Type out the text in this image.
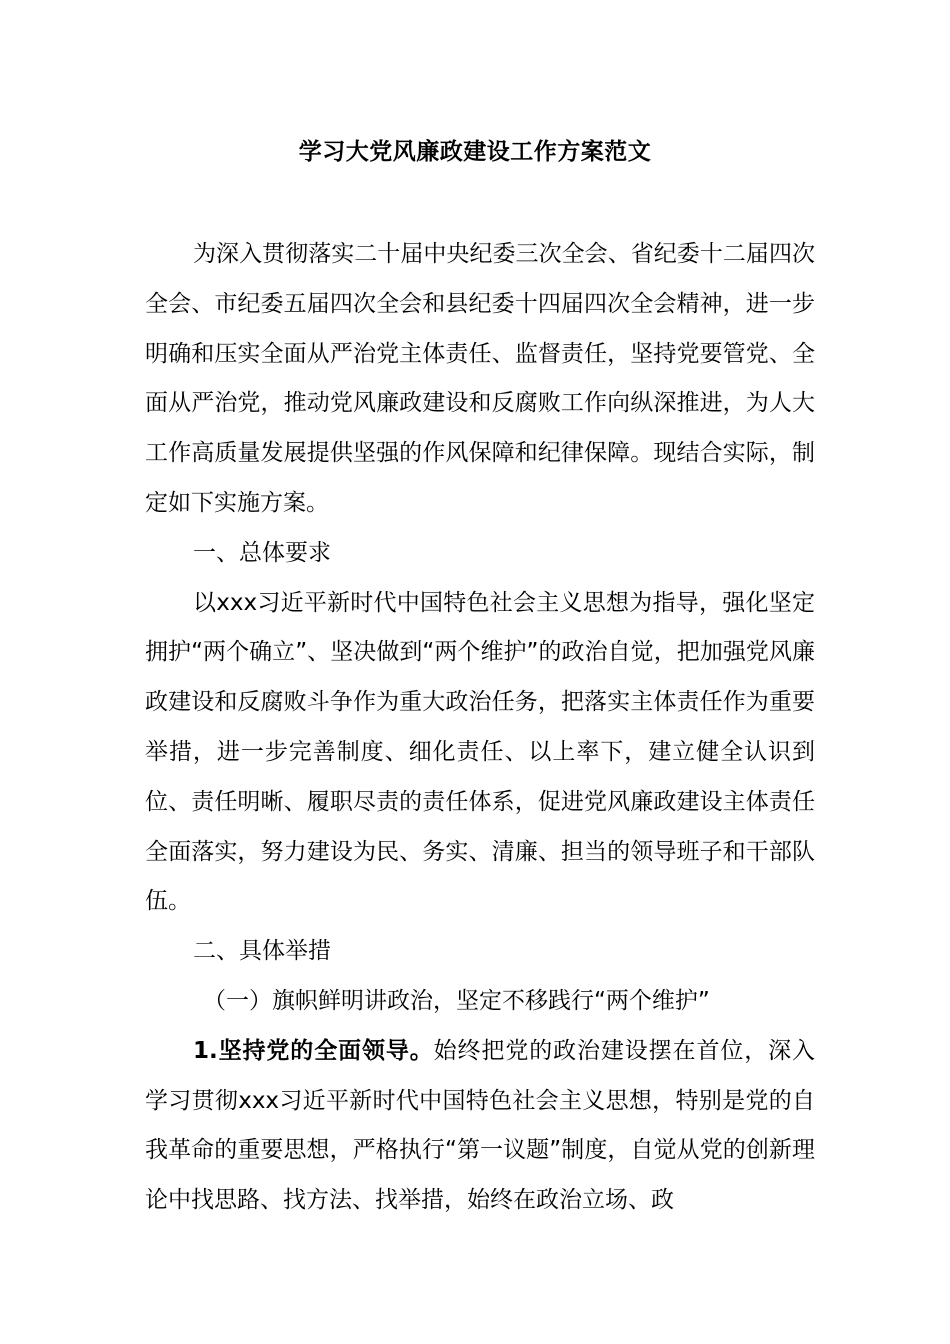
学习大党风廉政建设工作方案范文

为深入贯彻落实二十届中央纪委三次全会、省纪委十二届四次全会、市纪委五届四次全会和县纪委十四届四次全会精神，进一步明确和压实全面从严治党主体责任、监督责任，坚持党要管党、全面从严治党，推动党风廉政建设和反腐败工作向纵深推进，为人大工作高质量发展提供坚强的作风保障和纪律保障。现结合实际，制定如下实施方案。

一、总体要求

以xxx习近平新时代中国特色社会主义思想为指导，强化坚定拥护“两个确立”、坚决做到“两个维护”的政治自觉，把加强党风廉政建设和反腐败斗争作为重大政治任务，把落实主体责任作为重要举措，进一步完善制度、细化责任、以上率下，建立健全认识到位、责任明晰、履职尽责的责任体系，促进党风廉政建设主体责任全面落实，努力建设为民、务实、清廉、担当的领导班子和干部队伍。

二、具体举措

（一）旗帜鲜明讲政治，坚定不移践行“两个维护”

1.坚持党的全面领导。始终把党的政治建设摆在首位，深入学习贯彻xxx习近平新时代中国特色社会主义思想，特别是党的自我革命的重要思想，严格执行“第一议题”制度，自觉从党的创新理论中找思路、找方法、找举措，始终在政治立场、政
